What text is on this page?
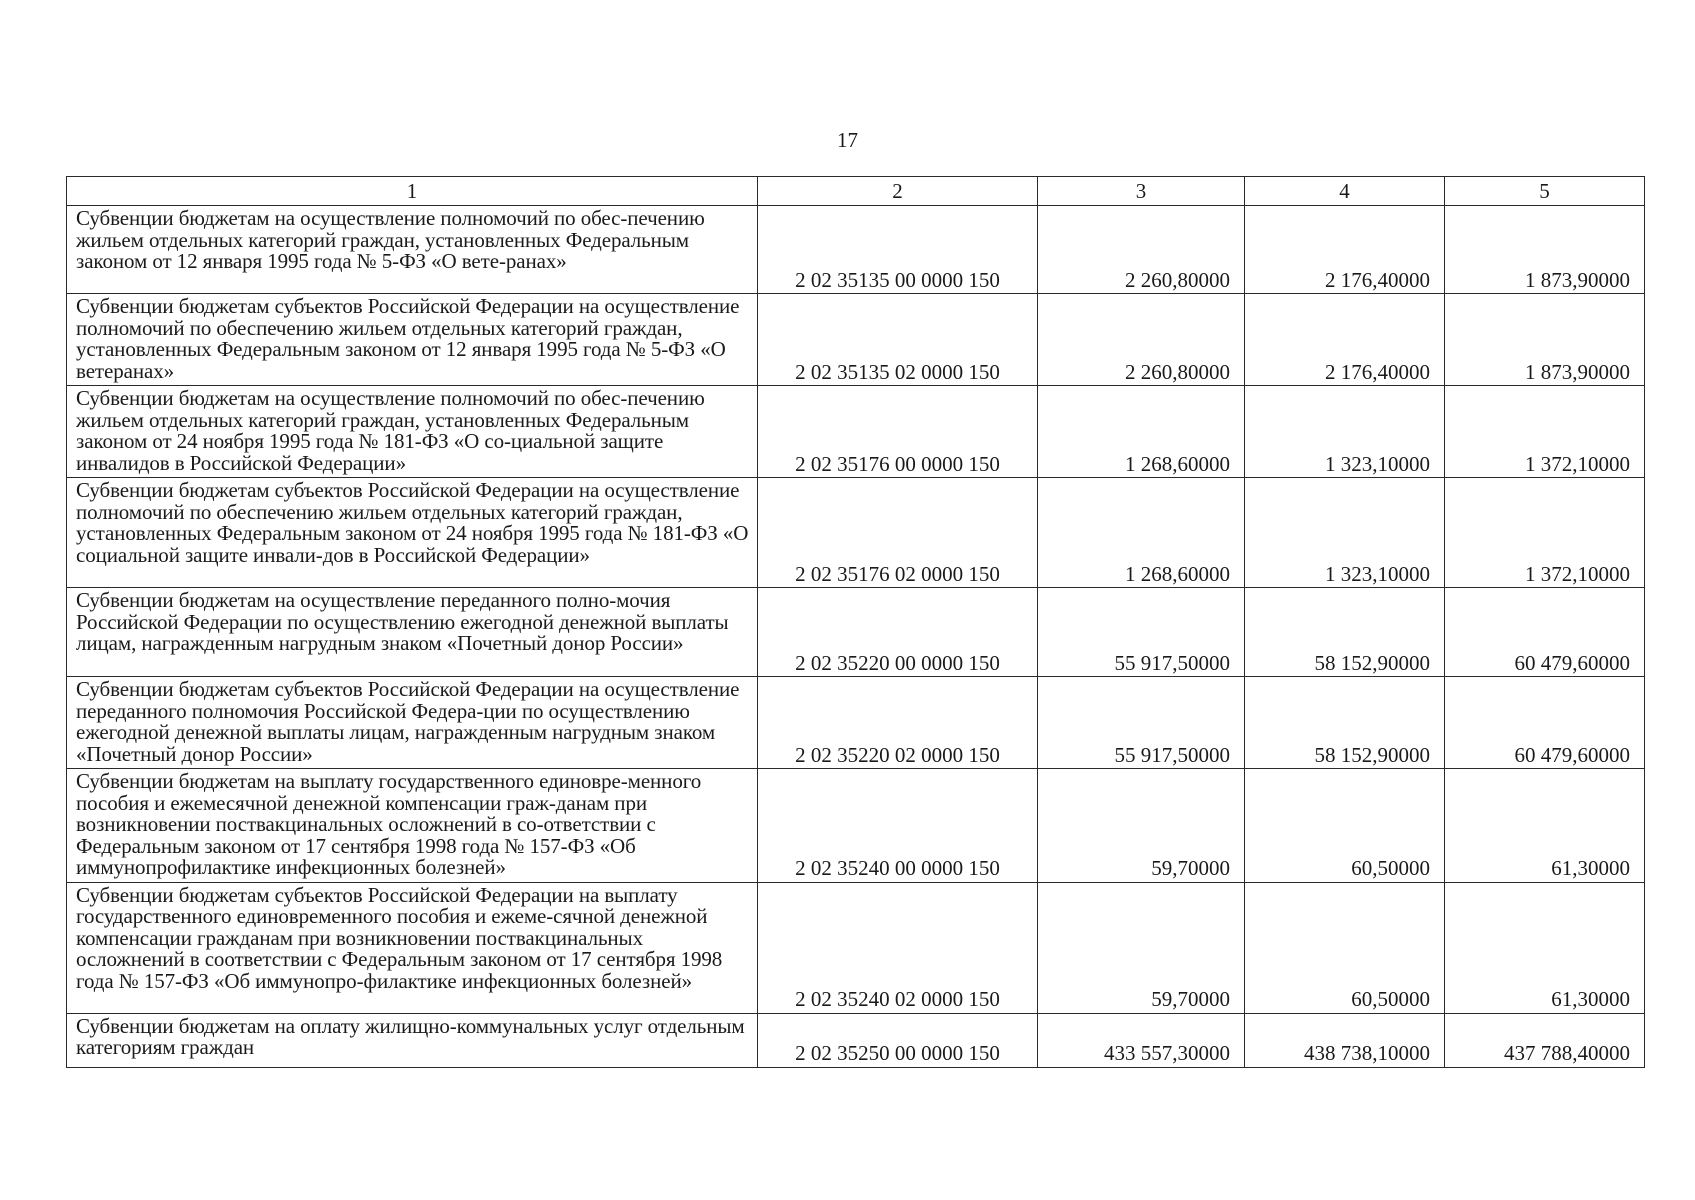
17
1	2	3	4	5
Субвенции бюджетам на осуществление полномочий по обес-печению жильем отдельных категорий граждан, установленных Федеральным законом от 12 января 1995 года № 5-ФЗ «О вете-ранах»	2 02 35135 00 0000 150	2 260,80000	2 176,40000	1 873,90000
Субвенции бюджетам субъектов Российской Федерации на осуществление полномочий по обеспечению жильем отдельных категорий граждан, установленных Федеральным законом от 12 января 1995 года № 5-ФЗ «О ветеранах»	2 02 35135 02 0000 150	2 260,80000	2 176,40000	1 873,90000
Субвенции бюджетам на осуществление полномочий по обес-печению жильем отдельных категорий граждан, установленных Федеральным законом от 24 ноября 1995 года № 181-ФЗ «О со-циальной защите инвалидов в Российской Федерации»	2 02 35176 00 0000 150	1 268,60000	1 323,10000	1 372,10000
Субвенции бюджетам субъектов Российской Федерации на осуществление полномочий по обеспечению жильем отдельных категорий граждан, установленных Федеральным законом от 24 ноября 1995 года № 181-ФЗ «О социальной защите инвали-дов в Российской Федерации»	2 02 35176 02 0000 150	1 268,60000	1 323,10000	1 372,10000
Субвенции бюджетам на осуществление переданного полно-мочия Российской Федерации по осуществлению ежегодной денежной выплаты лицам, награжденным нагрудным знаком «Почетный донор России»	2 02 35220 00 0000 150	55 917,50000	58 152,90000	60 479,60000
Субвенции бюджетам субъектов Российской Федерации на осуществление переданного полномочия Российской Федера-ции по осуществлению ежегодной денежной выплаты лицам, награжденным нагрудным знаком «Почетный донор России»	2 02 35220 02 0000 150	55 917,50000	58 152,90000	60 479,60000
Субвенции бюджетам на выплату государственного единовре-менного пособия и ежемесячной денежной компенсации граж-данам при возникновении поствакцинальных осложнений в со-ответствии с Федеральным законом от 17 сентября 1998 года № 157-ФЗ «Об иммунопрофилактике инфекционных болезней»	2 02 35240 00 0000 150	59,70000	60,50000	61,30000
Субвенции бюджетам субъектов Российской Федерации на выплату государственного единовременного пособия и ежеме-сячной денежной компенсации гражданам при возникновении поствакцинальных осложнений в соответствии с Федеральным законом от 17 сентября 1998 года № 157-ФЗ «Об иммунопро-филактике инфекционных болезней»	2 02 35240 02 0000 150	59,70000	60,50000	61,30000
Субвенции бюджетам на оплату жилищно-коммунальных услуг отдельным категориям граждан	2 02 35250 00 0000 150	433 557,30000	438 738,10000	437 788,40000
